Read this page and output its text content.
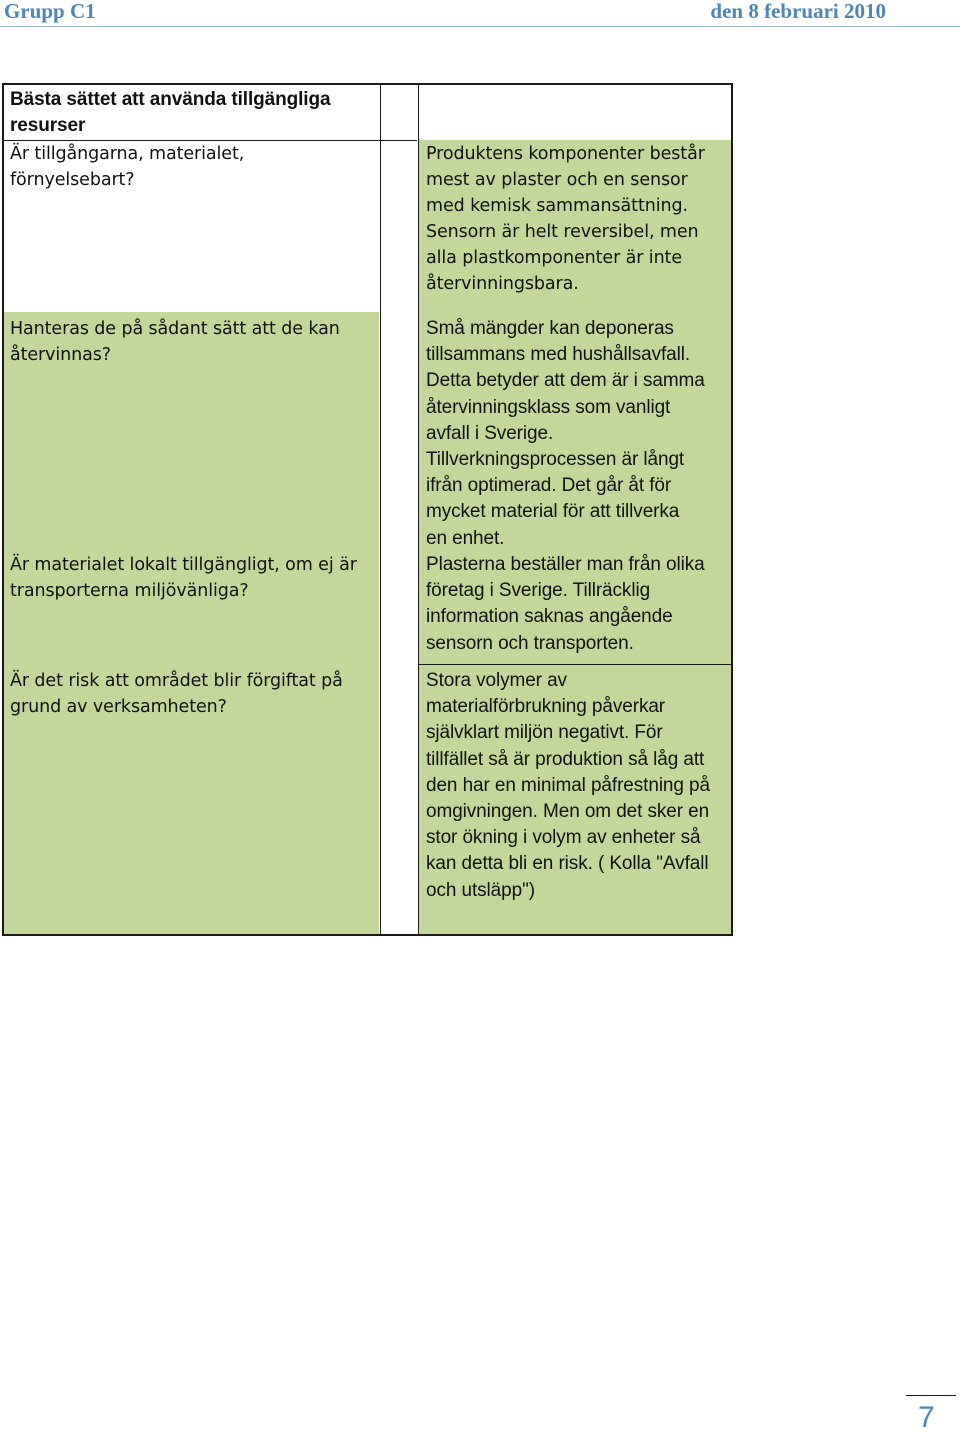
Grupp C1	den 8 februari 2010
Bästa sättet att använda tillgängliga
resurser
Är tillgångarna, materialet,
förnyelsebart?
Hanteras de på sådant sätt att de kan
återvinnas?
Är materialet lokalt tillgängligt, om ej är
transporterna miljövänliga?
Är det risk att området blir förgiftat på
grund av verksamheten?
Produktens komponenter består
mest av plaster och en sensor
med kemisk sammansättning.
Sensorn är helt reversibel, men
alla plastkomponenter är inte
återvinningsbara.
Små mängder kan deponeras
tillsammans med hushållsavfall.
Detta betyder att dem är i samma
återvinningsklass som vanligt
avfall i Sverige.
Tillverkningsprocessen är långt
ifrån optimerad. Det går åt för
mycket material för att tillverka
en enhet.
Plasterna beställer man från olika
företag i Sverige. Tillräcklig
information saknas angående
sensorn och transporten.
Stora volymer av
materialförbrukning påverkar
självklart miljön negativt. För
tillfället så är produktion så låg att
den har en minimal påfrestning på
omgivningen. Men om det sker en
stor ökning i volym av enheter så
kan detta bli en risk. ( Kolla "Avfall
och utsläpp")
7
